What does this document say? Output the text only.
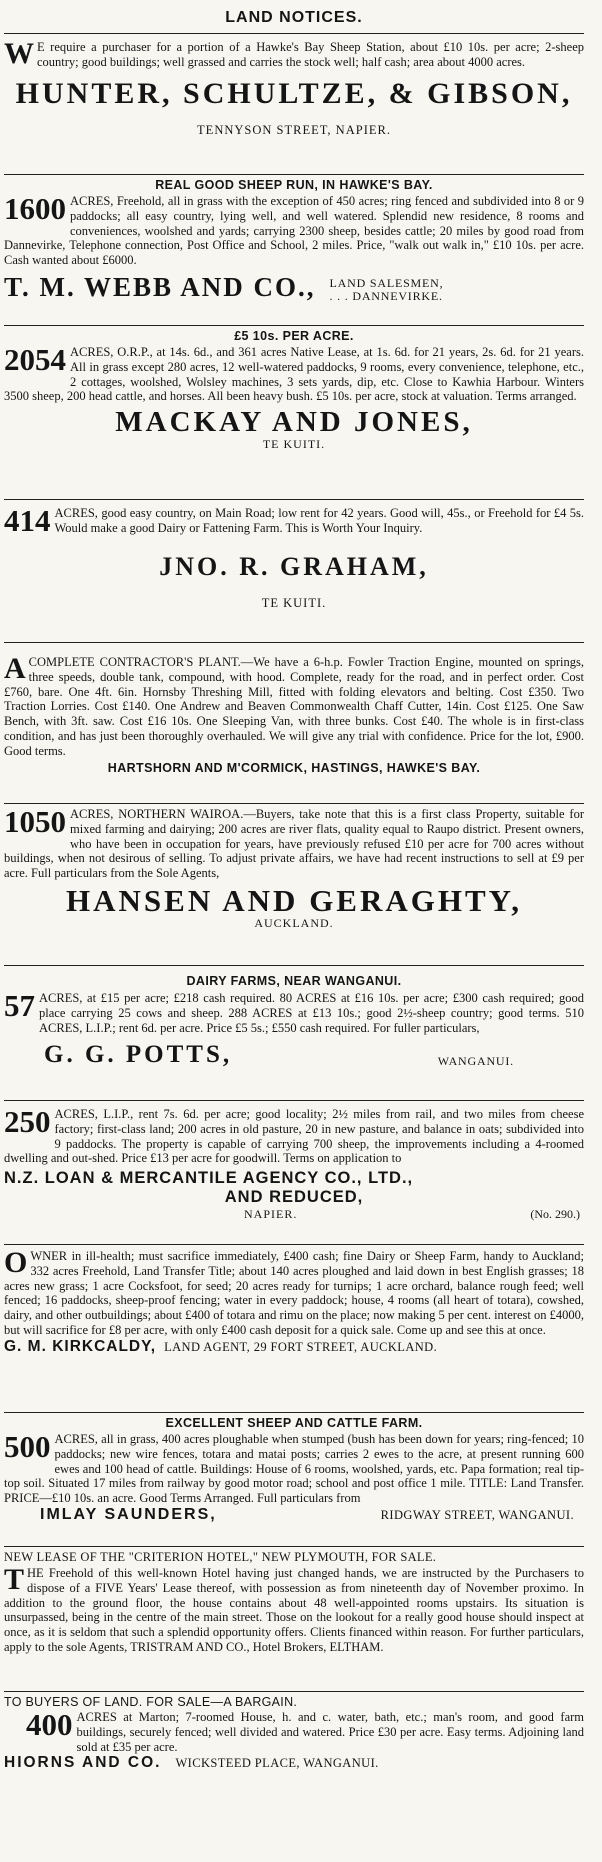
LAND NOTICES.

W E require a purchaser for a portion of a Hawke's Bay Sheep Station, about £10 10s. per acre; 2-sheep country; good buildings; well grassed and carries the stock well; half cash; area about 4000 acres.

HUNTER, SCHULTZE, & GIBSON,
TENNYSON STREET, NAPIER.
REAL GOOD SHEEP RUN, IN HAWKE'S BAY.

1600 ACRES, Freehold, all in grass with the exception of 450 acres; ring fenced and subdivided into 8 or 9 paddocks; all easy country, lying well, and well watered. Splendid new residence, 8 rooms and conveniences, woolshed and yards; carrying 2300 sheep, besides cattle; 20 miles by good road from Dannevirke, Telephone connection, Post Office and School, 2 miles. Price, "walk out walk in," £10 10s. per acre. Cash wanted about £6000.

T. M. WEBB AND CO., LAND SALESMEN,
. . . DANNEVIRKE.
£5 10s. PER ACRE.

2054 ACRES, O.R.P., at 14s. 6d., and 361 acres Native Lease, at 1s. 6d. for 21 years, 2s. 6d. for 21 years. All in grass except 280 acres, 12 well-watered paddocks, 9 rooms, every convenience, telephone, etc., 2 cottages, woolshed, Wolsley machines, 3 sets yards, dip, etc. Close to Kawhia Harbour. Winters 3500 sheep, 200 head cattle, and horses. All been heavy bush. £5 10s. per acre, stock at valuation. Terms arranged.

MACKAY AND JONES,
TE KUITI.

414 ACRES, good easy country, on Main Road; low rent for 42 years. Good will, 45s., or Freehold for £4 5s. Would make a good Dairy or Fattening Farm. This is Worth Your Inquiry.

JNO. R. GRAHAM,
TE KUITI.

ACOMPLETE CONTRACTOR'S PLANT.—We have a 6-h.p. Fowler Traction Engine, mounted on springs, three speeds, double tank, compound, with hood. Complete, ready for the road, and in perfect order. Cost £760, bare. One 4ft. 6in. Hornsby Threshing Mill, fitted with folding elevators and belting. Cost £350. Two Traction Lorries. Cost £140. One Andrew and Beaven Commonwealth Chaff Cutter, 14in. Cost £125. One Saw Bench, with 3ft. saw. Cost £16 10s. One Sleeping Van, with three bunks. Cost £40. The whole is in first-class condition, and has just been thoroughly overhauled. We will give any trial with confidence. Price for the lot, £900. Good terms.

HARTSHORN AND M'CORMICK, HASTINGS, HAWKE'S BAY.

1050 ACRES, NORTHERN WAIROA.—Buyers, take note that this is a first class Property, suitable for mixed farming and dairying; 200 acres are river flats, quality equal to Raupo district. Present owners, who have been in occupation for years, have previously refused £10 per acre for 700 acres without buildings, when not desirous of selling. To adjust private affairs, we have had recent instructions to sell at £9 per acre. Full particulars from the Sole Agents,

HANSEN AND GERAGHTY,
AUCKLAND.
DAIRY FARMS, NEAR WANGANUI.

57 ACRES, at £15 per acre; £218 cash required. 80 ACRES at £16 10s. per acre; £300 cash required; good place carrying 25 cows and sheep. 288 ACRES at £13 10s.; good 2½-sheep country; good terms. 510 ACRES, L.I.P.; rent 6d. per acre. Price £5 5s.; £550 cash required. For fuller particulars,

G. G. POTTS,	WANGANUI.

250 ACRES, L.I.P., rent 7s. 6d. per acre; good locality; 2½ miles from rail, and two miles from cheese factory; first-class land; 200 acres in old pasture, 20 in new pasture, and balance in oats; subdivided into 9 paddocks. The property is capable of carrying 700 sheep, the improvements including a 4-roomed dwelling and out-shed. Price £13 per acre for goodwill. Terms on application to

N.Z. LOAN & MERCANTILE AGENCY CO., LTD.,
AND REDUCED,
NAPIER.	(No. 290.)

OWNER in ill-health; must sacrifice immediately, £400 cash; fine Dairy or Sheep Farm, handy to Auckland; 332 acres Freehold, Land Transfer Title; about 140 acres ploughed and laid down in best English grasses; 18 acres new grass; 1 acre Cocksfoot, for seed; 20 acres ready for turnips; 1 acre orchard, balance rough feed; well fenced; 16 paddocks, sheep-proof fencing; water in every paddock; house, 4 rooms (all heart of totara), cowshed, dairy, and other outbuildings; about £400 of totara and rimu on the place; now making 5 per cent. interest on £4000, but will sacrifice for £8 per acre, with only £400 cash deposit for a quick sale. Come up and see this at once.

G. M. KIRKCALDY, LAND AGENT, 29 FORT STREET, AUCKLAND.
EXCELLENT SHEEP AND CATTLE FARM.

500 ACRES, all in grass, 400 acres ploughable when stumped (bush has been down for years; ring-fenced; 10 paddocks; new wire fences, totara and matai posts; carries 2 ewes to the acre, at present running 600 ewes and 100 head of cattle. Buildings: House of 6 rooms, woolshed, yards, etc. Papa formation; real tip-top soil. Situated 17 miles from railway by good motor road; school and post office 1 mile. TITLE: Land Transfer. PRICE—£10 10s. an acre. Good Terms Arranged. Full particulars from

IMLAY SAUNDERS,	RIDGWAY STREET, WANGANUI.
NEW LEASE OF THE "CRITERION HOTEL," NEW PLYMOUTH, FOR SALE.

THE Freehold of this well-known Hotel having just changed hands, we are instructed by the Purchasers to dispose of a FIVE Years' Lease thereof, with possession as from nineteenth day of November proximo. In addition to the ground floor, the house contains about 48 well-appointed rooms upstairs. Its situation is unsurpassed, being in the centre of the main street. Those on the lookout for a really good house should inspect at once, as it is seldom that such a splendid opportunity offers. Clients financed within reason. For further particulars, apply to the sole Agents, TRISTRAM AND CO., Hotel Brokers, ELTHAM.

TO BUYERS OF LAND. FOR SALE—A BARGAIN.

400 ACRES at Marton; 7-roomed House, h. and c. water, bath, etc.; man's room, and good farm buildings, securely fenced; well divided and watered. Price £30 per acre. Easy terms. Adjoining land sold at £35 per acre.

HIORNS AND CO. WICKSTEED PLACE, WANGANUI.
